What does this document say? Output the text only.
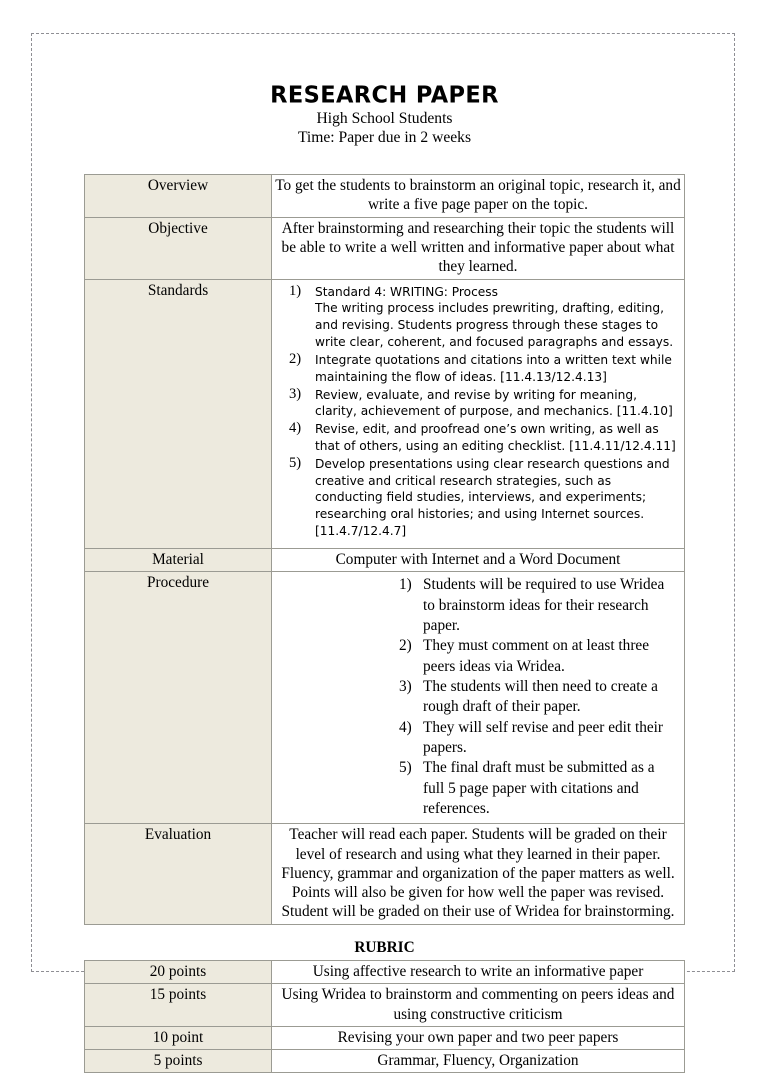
RESEARCH PAPER
High School Students
Time: Paper due in 2 weeks
Overview	To get the students to brainstorm an original topic, research it, and write a five page paper on the topic.

Objective	After brainstorming and researching their topic the students will be able to write a well written and informative paper about what they learned.

Standards	Standard 4: WRITING: Process
The writing process includes prewriting, drafting, editing, and revising. Students progress through these stages to write clear, coherent, and focused paragraphs and essays.
Integrate quotations and citations into a written text while maintaining the flow of ideas. [11.4.13/12.4.13]
Review, evaluate, and revise by writing for meaning, clarity, achievement of purpose, and mechanics. [11.4.10]
Revise, edit, and proofread one’s own writing, as well as that of others, using an editing checklist. [11.4.11/12.4.11]
Develop presentations using clear research questions and creative and critical research strategies, such as conducting field studies, interviews, and experiments; researching oral histories; and using Internet sources. [11.4.7/12.4.7]

Material	Computer with Internet and a Word Document

Procedure	Students will be required to use Wridea to brainstorm ideas for their research paper.
They must comment on at least three peers ideas via Wridea.
The students will then need to create a rough draft of their paper.
They will self revise and peer edit their papers.
The final draft must be submitted as a full 5 page paper with citations and references.

Evaluation	Teacher will read each paper. Students will be graded on their level of research and using what they learned in their paper. Fluency, grammar and organization of the paper matters as well. Points will also be given for how well the paper was revised. Student will be graded on their use of Wridea for brainstorming.
RUBRIC
20 points	Using affective research to write an informative paper
15 points	Using Wridea to brainstorm and commenting on peers ideas and using constructive criticism
10 point	Revising your own paper and two peer papers
5 points	Grammar, Fluency, Organization
